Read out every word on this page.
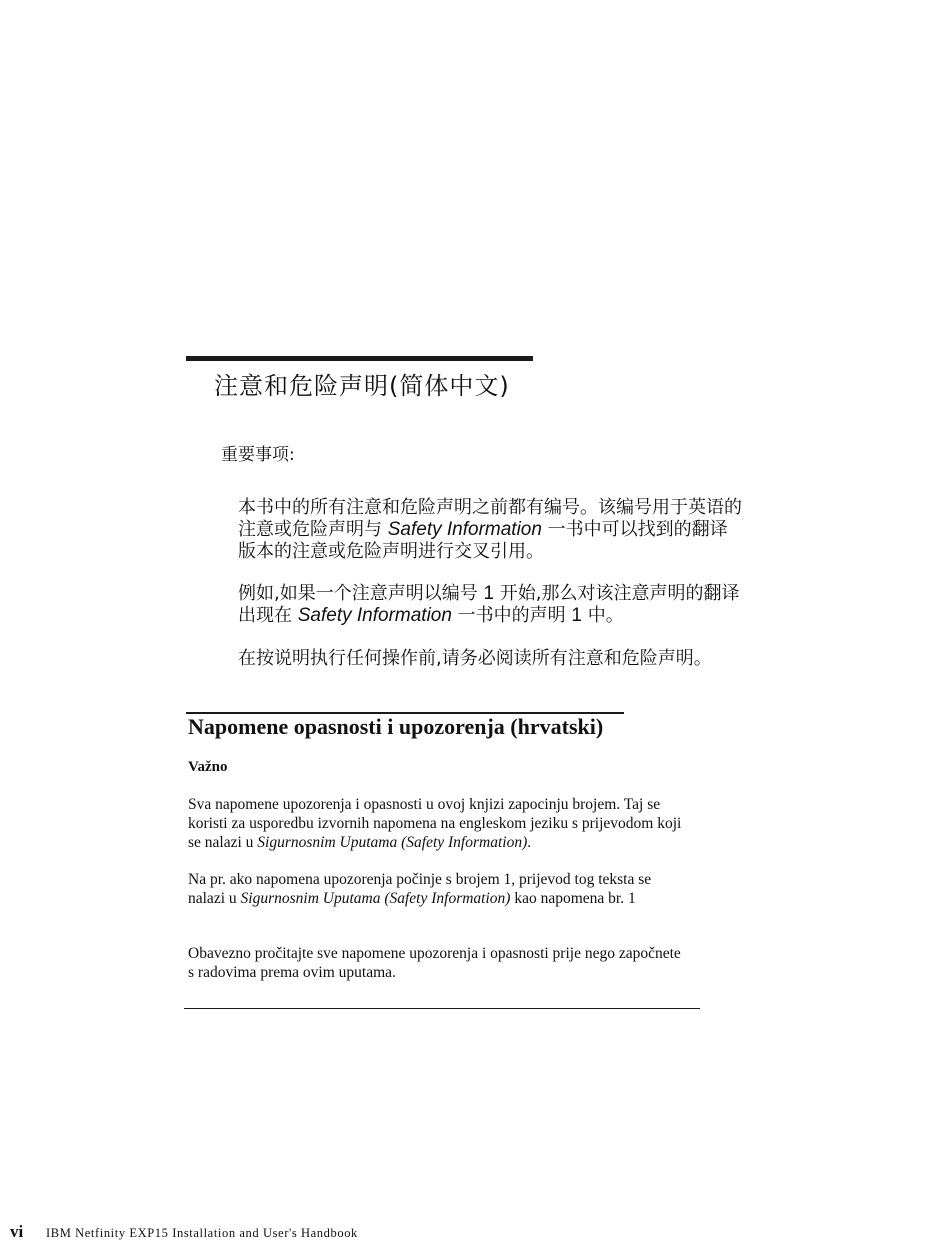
注意和危险声明(简体中文)
重要事项:
本书中的所有注意和危险声明之前都有编号。该编号用于英语的注意或危险声明与 Safety Information 一书中可以找到的翻译版本的注意或危险声明进行交叉引用。
例如,如果一个注意声明以编号 1 开始,那么对该注意声明的翻译出现在 Safety Information 一书中的声明 1 中。
在按说明执行任何操作前,请务必阅读所有注意和危险声明。
Napomene opasnosti i upozorenja (hrvatski)
Važno
Sva napomene upozorenja i opasnosti u ovoj knjizi zapocinju brojem. Taj se koristi za usporedbu izvornih napomena na engleskom jeziku s prijevodom koji se nalazi u Sigurnosnim Uputama (Safety Information).
Na pr. ako napomena upozorenja počinje s brojem 1, prijevod tog teksta se nalazi u Sigurnosnim Uputama (Safety Information) kao napomena br. 1
Obavezno pročitajte sve napomene upozorenja i opasnosti prije nego započnete s radovima prema ovim uputama.
vi IBM Netfinity EXP15 Installation and User's Handbook
